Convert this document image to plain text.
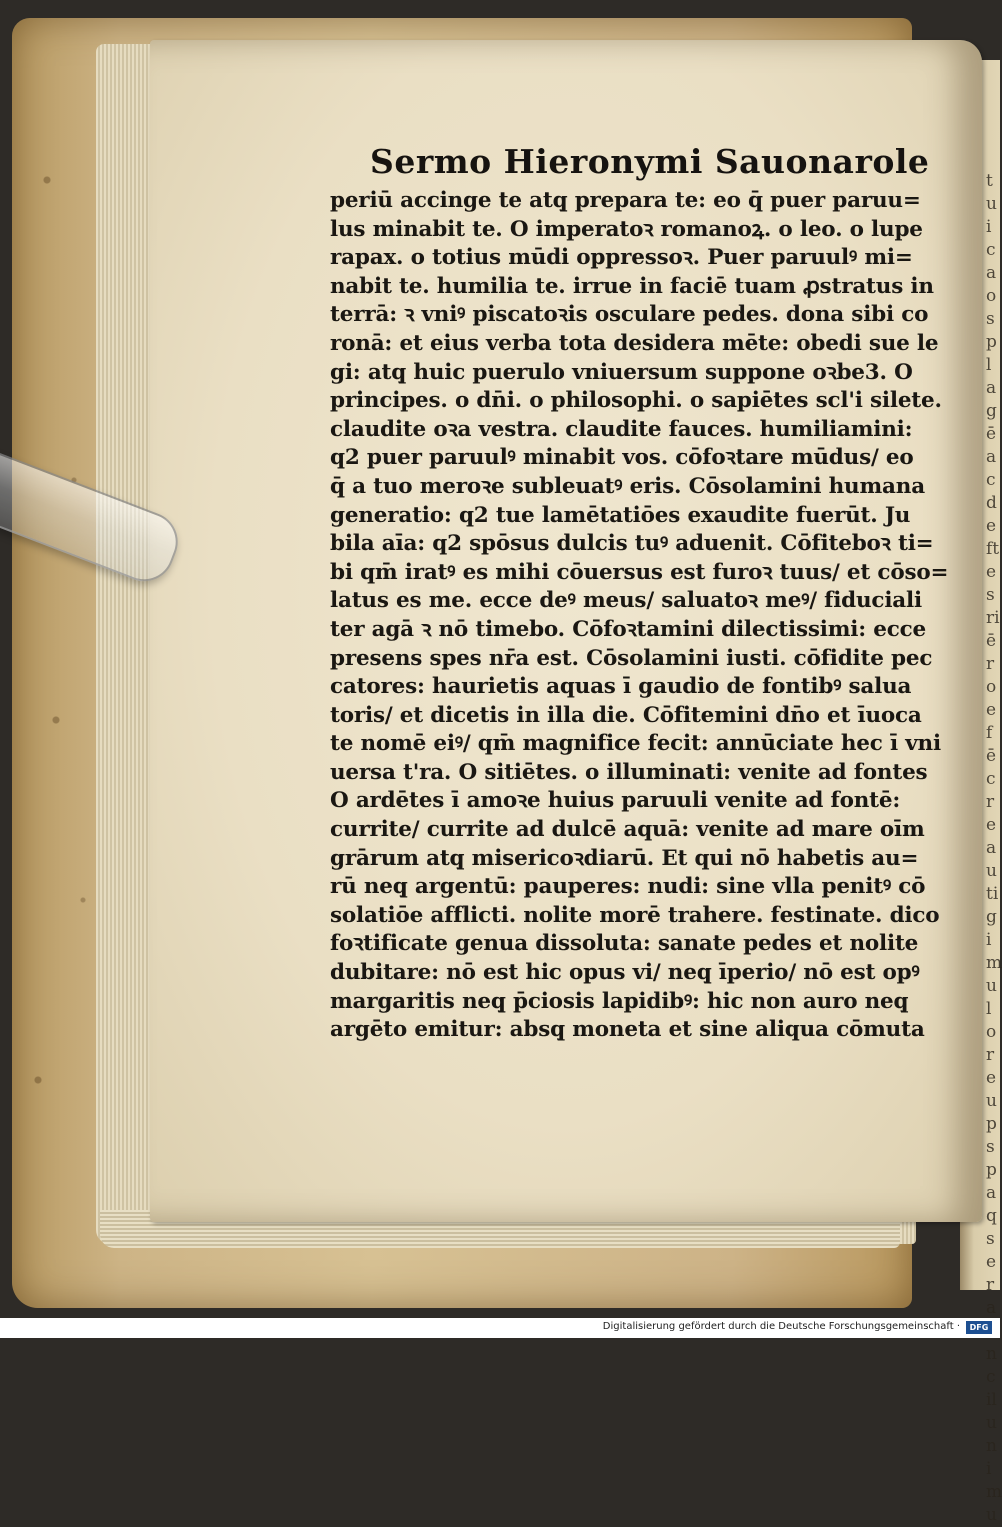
tuicaosplagēacdeftesriēroefēcreautigimuloreupspaqsera ncilunimu
Sermo Hieronymi Sauonarole
periū accinge te atq̧ prepara te: eo q̄ puer paruu=
lus minabit te. O imperatoꝛ romanoꝝ. o leo. o lupe
rapax. o totius mūdi oppressoꝛ. Puer paruulꝰ mi=
nabit te. humilia te. irrue in faciē tuam ꝓstratus in
terrā: ꝛ vniꝰ piscatoꝛis osculare pedes. dona sibi co
ronā: et eius verba tota desidera mēte: obedi sue le
gi: atq̧ huic puerulo vniuersum suppone oꝛbe3. O
principes. o dn̄i. o philosophi. o sapiētes scl'i silete.
claudite oꝛa vestra. claudite fauces. humiliamini:
q2 puer paruulꝰ minabit vos. cōfoꝛtare mūdus/ eo
q̄ a tuo meroꝛe subleuatꝰ eris. Cōsolamini humana
generatio: q2 tue lamētatiōes exaudite fuerūt. Ju
bila aīa: q2 spōsus dulcis tuꝰ aduenit. Cōfiteboꝛ ti=
bi qm̄ iratꝰ es mihi cōuersus est furoꝛ tuus/ et cōso=
latus es me. ecce deꝰ meus/ saluatoꝛ meꝰ/ fiduciali
ter agā ꝛ nō timebo. Cōfoꝛtamini dilectissimi: ecce
presens spes nr̄a est. Cōsolamini iusti. cōfidite pec
catores: haurietis aquas ī gaudio de fontibꝰ salua
toris/ et dicetis in illa die. Cōfitemini dn̄o et īuoca
te nomē eiꝰ/ qm̄ magnifice fecit: annūciate hec ī vni
uersa t'ra. O sitiētes. o illuminati: venite ad fontes
O ardētes ī amoꝛe huius paruuli venite ad fontē:
currite/ currite ad dulcē aquā: venite ad mare oīm
grārum atq̧ misericoꝛdiarū. Et qui nō habetis au=
rū neq̧ argentū: pauperes: nudi: sine vlla penitꝰ cō
solatiōe afflicti. nolite morē trahere. festinate. dico
foꝛtificate genua dissoluta: sanate pedes et nolite
dubitare: nō est hic opus vi/ neq̧ īperio/ nō est opꝰ
margaritis neq̧ p̄ciosis lapidibꝰ: hic non auro neq̧
argēto emitur: absq̧ moneta et sine aliqua cōmuta
Digitalisierung gefördert durch die Deutsche Forschungsgemeinschaft ·	DFG
